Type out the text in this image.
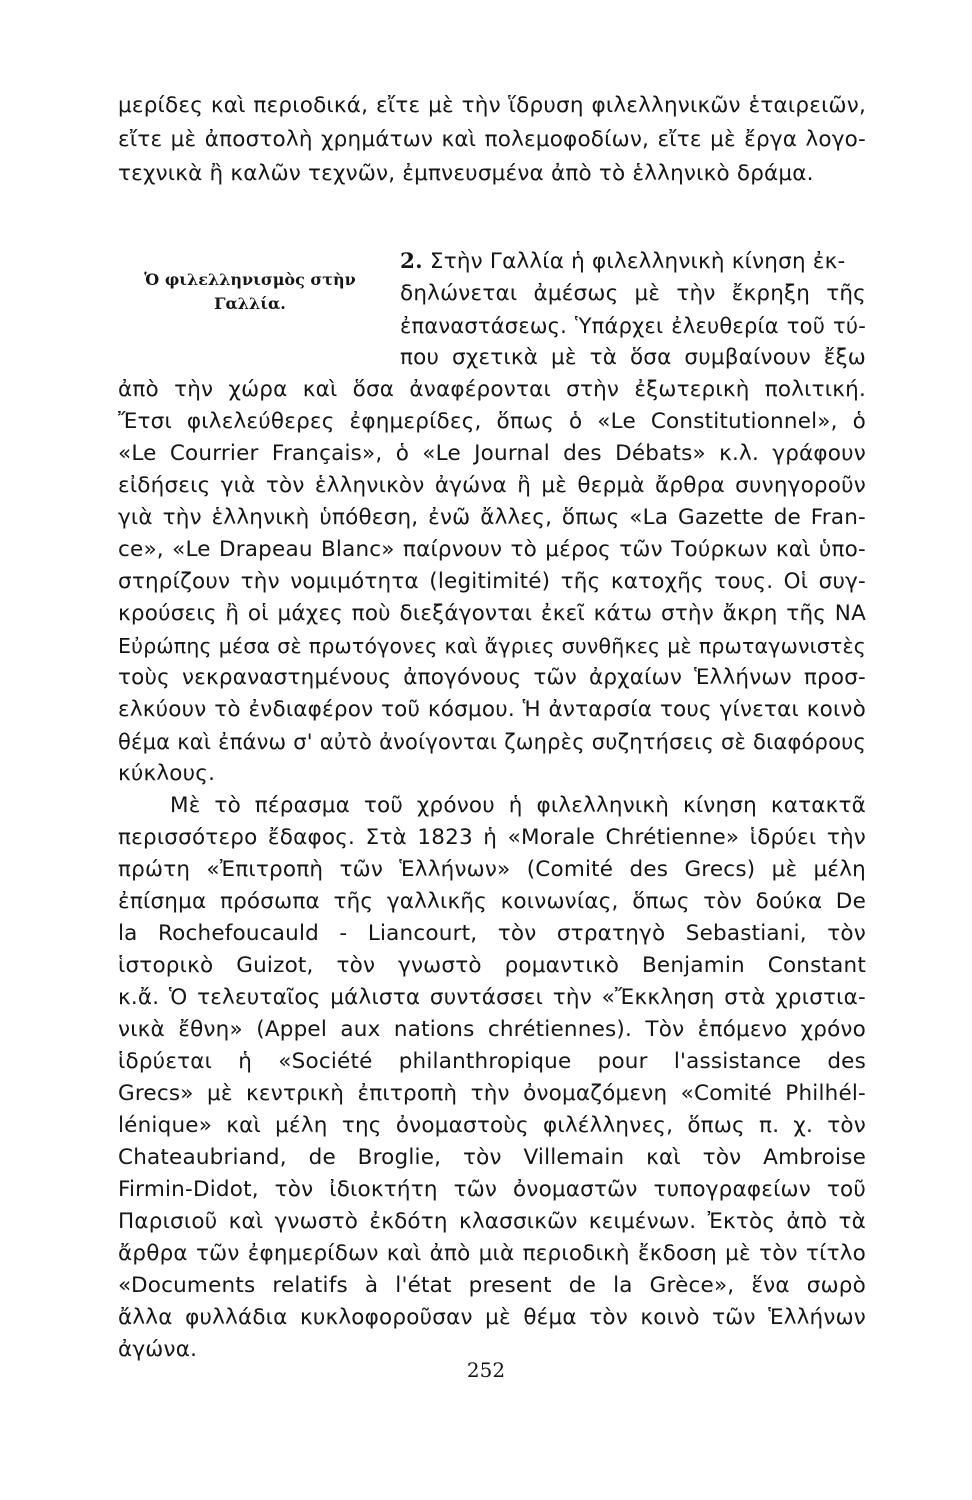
Ὁ φιλελληνισμὸς στὴν
Γαλλία.
μερίδες καὶ περιοδικά, εἴτε μὲ τὴν ἵδρυση φιλελληνικῶν ἑταιρειῶν,
εἴτε μὲ ἀποστολὴ χρημάτων καὶ πολεμοφοδίων, εἴτε μὲ ἔργα λογο-
τεχνικὰ ἢ καλῶν τεχνῶν, ἐμπνευσμένα ἀπὸ τὸ ἑλληνικὸ δράμα.
2. Στὴν Γαλλία ἡ φιλελληνικὴ κίνηση ἐκ-
δηλώνεται ἀμέσως μὲ τὴν ἔκρηξη τῆς
ἐπαναστάσεως. Ὑπάρχει ἐλευθερία τοῦ τύ-
που σχετικὰ μὲ τὰ ὅσα συμβαίνουν ἔξω
ἀπὸ τὴν χώρα καὶ ὅσα ἀναφέρονται στὴν ἐξωτερικὴ πολιτική.
Ἔτσι φιλελεύθερες ἐφημερίδες, ὅπως ὁ «Le Constitutionnel», ὁ
«Le Courrier Français», ὁ «Le Journal des Débats» κ.λ. γράφουν
εἰδήσεις γιὰ τὸν ἑλληνικὸν ἀγώνα ἢ μὲ θερμὰ ἄρθρα συνηγοροῦν
γιὰ τὴν ἑλληνικὴ ὑπόθεση, ἐνῶ ἄλλες, ὅπως «La Gazette de Fran-
ce», «Le Drapeau Blanc» παίρνουν τὸ μέρος τῶν Τούρκων καὶ ὑπο-
στηρίζουν τὴν νομιμότητα (legitimité) τῆς κατοχῆς τους. Οἱ συγ-
κρούσεις ἢ οἱ μάχες ποὺ διεξάγονται ἐκεῖ κάτω στὴν ἄκρη τῆς ΝΑ
Εὐρώπης μέσα σὲ πρωτόγονες καὶ ἄγριες συνθῆκες μὲ πρωταγωνιστὲς
τοὺς νεκραναστημένους ἀπογόνους τῶν ἀρχαίων Ἑλλήνων προσ-
ελκύουν τὸ ἐνδιαφέρον τοῦ κόσμου. Ἡ ἀνταρσία τους γίνεται κοινὸ
θέμα καὶ ἐπάνω σ' αὐτὸ ἀνοίγονται ζωηρὲς συζητήσεις σὲ διαφόρους
κύκλους.
Μὲ τὸ πέρασμα τοῦ χρόνου ἡ φιλελληνικὴ κίνηση κατακτᾶ
περισσότερο ἔδαφος. Στὰ 1823 ἡ «Morale Chrétienne» ἱδρύει τὴν
πρώτη «Ἐπιτροπὴ τῶν Ἑλλήνων» (Comité des Grecs) μὲ μέλη
ἐπίσημα πρόσωπα τῆς γαλλικῆς κοινωνίας, ὅπως τὸν δούκα De
la Rochefoucauld - Liancourt, τὸν στρατηγὸ Sebastiani, τὸν
ἱστορικὸ Guizot, τὸν γνωστὸ ρομαντικὸ Benjamin Constant
κ.ἄ. Ὁ τελευταῖος μάλιστα συντάσσει τὴν «Ἔκκληση στὰ χριστια-
νικὰ ἔθνη» (Appel aux nations chrétiennes). Τὸν ἑπόμενο χρόνο
ἱδρύεται ἡ «Société philanthropique pour l'assistance des
Grecs» μὲ κεντρικὴ ἐπιτροπὴ τὴν ὀνομαζόμενη «Comité Philhél-
lénique» καὶ μέλη της ὀνομαστοὺς φιλέλληνες, ὅπως π. χ. τὸν
Chateaubriand, de Broglie, τὸν Villemain καὶ τὸν Ambroise
Firmin-Didot, τὸν ἰδιοκτήτη τῶν ὀνομαστῶν τυπογραφείων τοῦ
Παρισιοῦ καὶ γνωστὸ ἐκδότη κλασσικῶν κειμένων. Ἐκτὸς ἀπὸ τὰ
ἄρθρα τῶν ἐφημερίδων καὶ ἀπὸ μιὰ περιοδικὴ ἔκδοση μὲ τὸν τίτλο
«Documents relatifs à l'état present de la Grèce», ἕνα σωρὸ
ἄλλα φυλλάδια κυκλοφοροῦσαν μὲ θέμα τὸν κοινὸ τῶν Ἑλλήνων
ἀγώνα.
252
